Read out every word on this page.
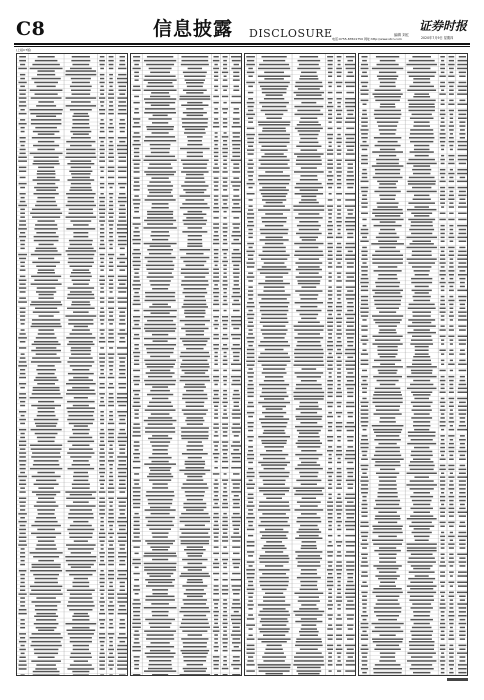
C8	信息披露 DISCLOSURE	编辑 刘红
电话:0755-83501750 网址:http://www.stcn.com
证券时报
2020年7月9日 星期四
(上接C7版)
